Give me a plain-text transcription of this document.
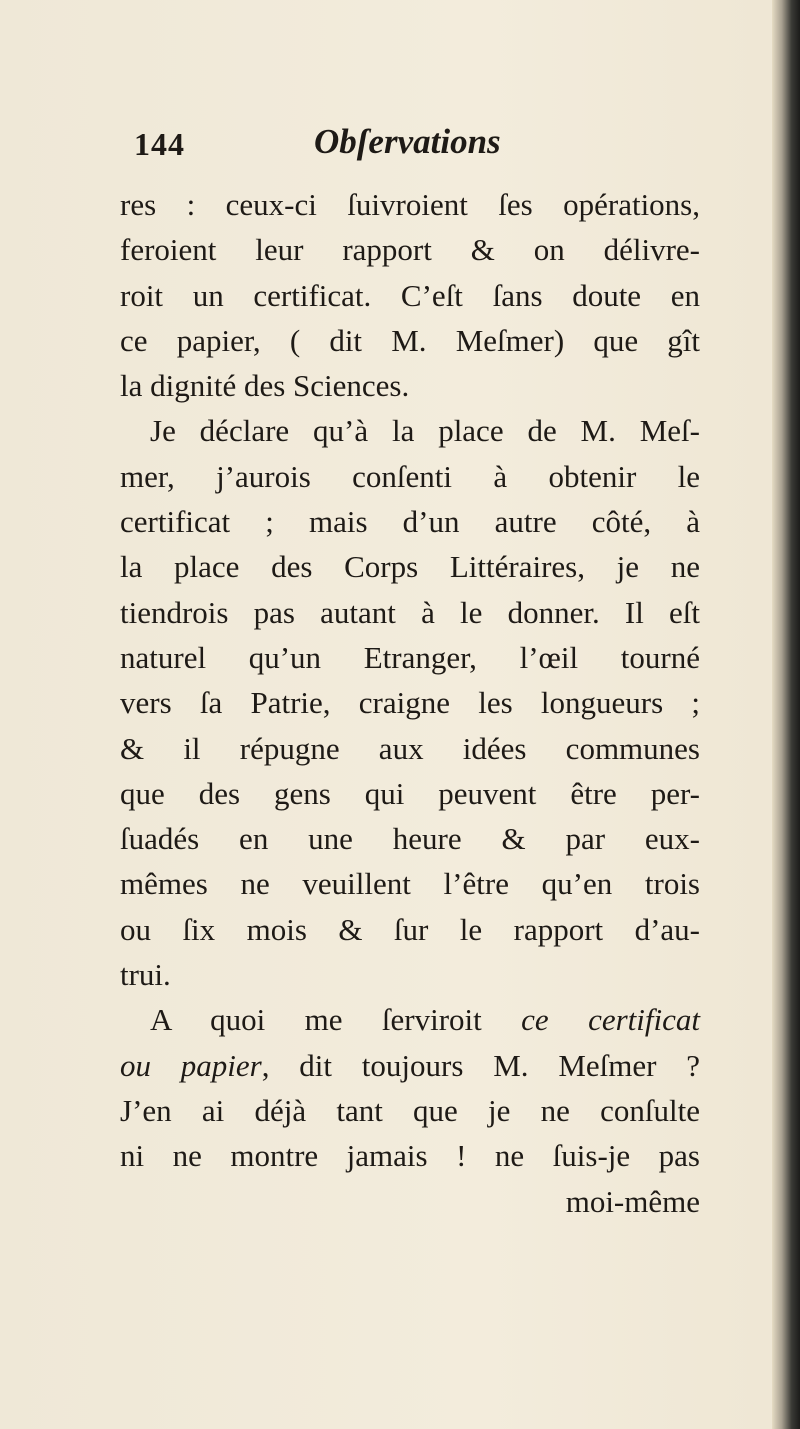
144	Obſervations
res : ceux-ci ſuivroient ſes opérations,
feroient leur rapport & on délivre-
roit un certificat. C’eſt ſans doute en
ce papier, ( dit M. Meſmer) que gît
la dignité des Sciences.
Je déclare qu’à la place de M. Meſ-
mer, j’aurois conſenti à obtenir le
certificat ; mais d’un autre côté, à
la place des Corps Littéraires, je ne
tiendrois pas autant à le donner. Il eſt
naturel qu’un Etranger, l’œil tourné
vers ſa Patrie, craigne les longueurs ;
& il répugne aux idées communes
que des gens qui peuvent être per-
ſuadés en une heure & par eux-
mêmes ne veuillent l’être qu’en trois
ou ſix mois & ſur le rapport d’au-
trui.
A quoi me ſerviroit ce certificat
ou papier, dit toujours M. Meſmer ?
J’en ai déjà tant que je ne conſulte
ni ne montre jamais ! ne ſuis-je pas
moi-même
